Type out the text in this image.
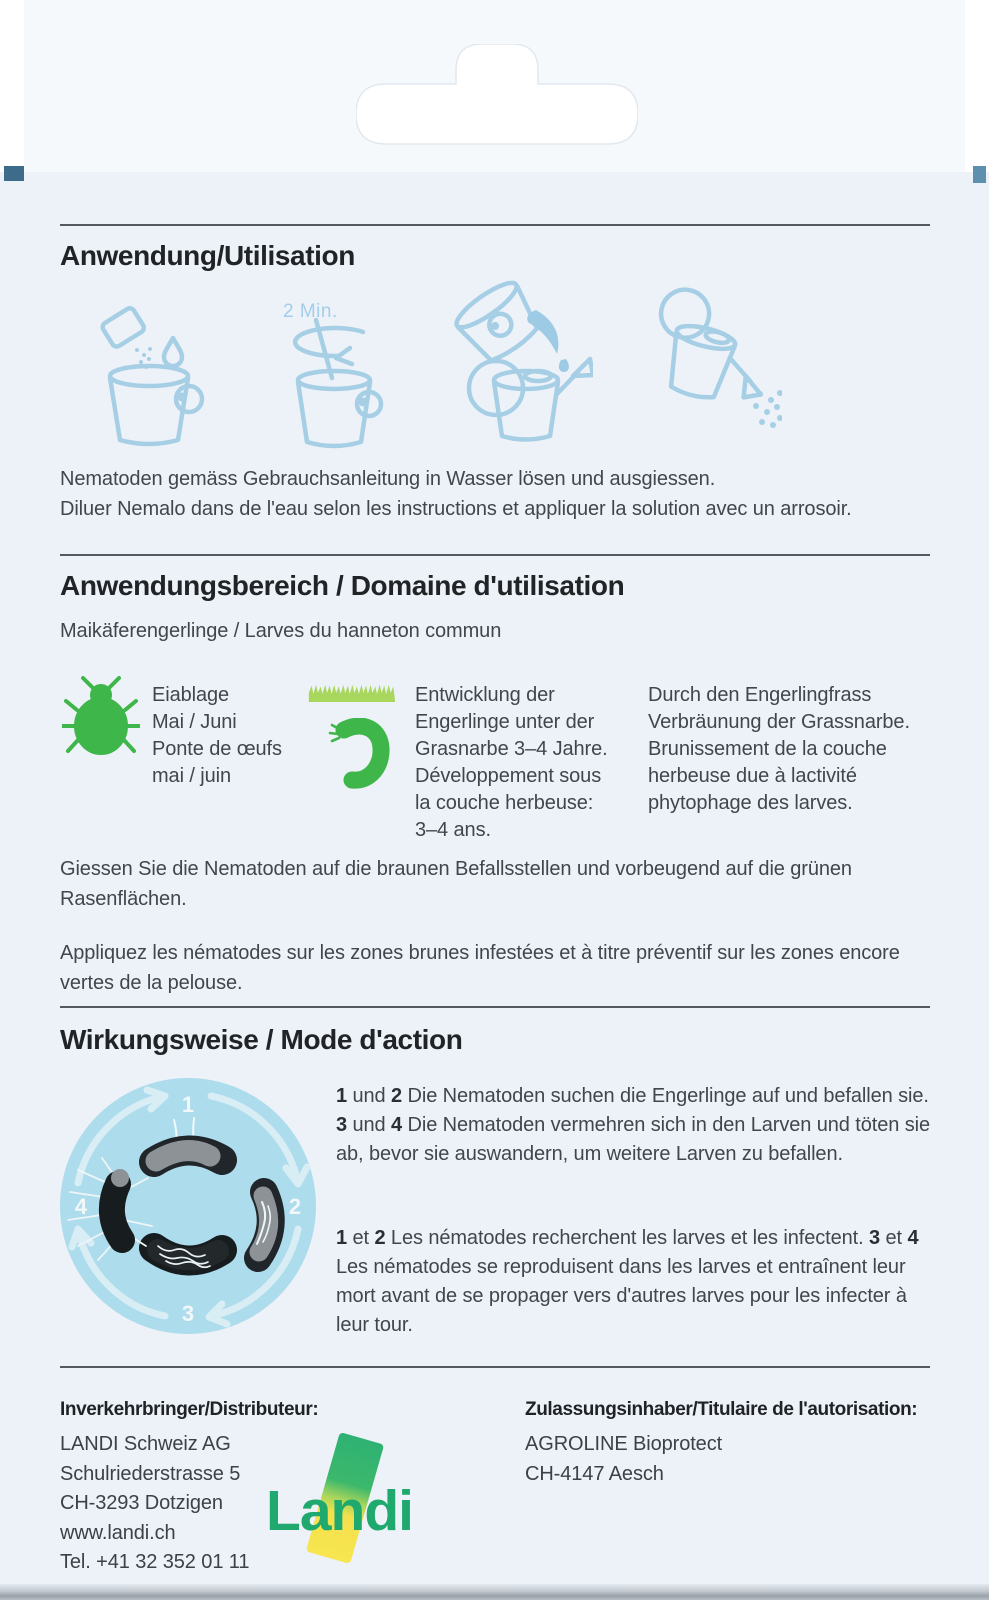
Anwendung/Utilisation
2 Min.
Nematoden gemäss Gebrauchsanleitung in Wasser lösen und ausgiessen.
Diluer Nemalo dans de l'eau selon les instructions et appliquer la solution avec un arrosoir.
Anwendungsbereich / Domaine d'utilisation
Maikäferengerlinge / Larves du hanneton commun
Eiablage
Mai / Juni
Ponte de œufs
mai / juin
Entwicklung der
Engerlinge unter der
Grasnarbe 3–4 Jahre.
Développement sous
la couche herbeuse:
3–4 ans.
Durch den Engerlingfrass
Verbräunung der Grassnarbe.
Brunissement de la couche
herbeuse due à lactivité
phytophage des larves.
Giessen Sie die Nematoden auf die braunen Befallsstellen und vorbeugend auf die grünen Rasenflächen.
Appliquez les nématodes sur les zones brunes infestées et à titre préventif sur les zones encore vertes de la pelouse.
Wirkungsweise / Mode d'action
1
2
3
4
1 und 2 Die Nematoden suchen die Engerlinge auf und befallen sie. 3 und 4 Die Nematoden vermehren sich in den Larven und töten sie ab, bevor sie auswandern, um weitere Larven zu befallen.
1 et 2 Les nématodes recherchent les larves et les infectent. 3 et 4 Les nématodes se reproduisent dans les larves et entraînent leur mort avant de se propager vers d'autres larves pour les infecter à leur tour.
Inverkehrbringer/Distributeur:
LANDI Schweiz AG
Schulriederstrasse 5
CH-3293 Dotzigen
www.landi.ch
Tel. +41 32 352 01 11
Landi
Zulassungsinhaber/Titulaire de l'autorisation:
AGROLINE Bioprotect
CH-4147 Aesch
